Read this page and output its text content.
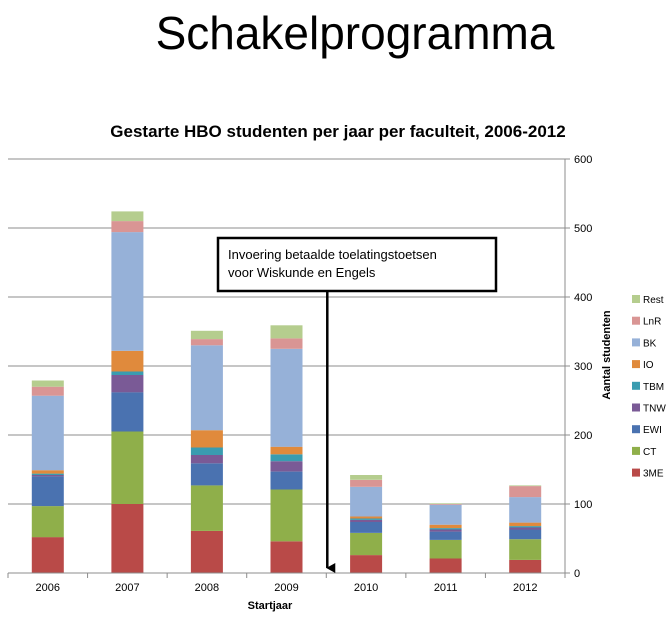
Schakelprogramma
Gestarte HBO studenten per jaar per faculteit, 2006-2012
0
100
200
300
400
500
600
2006	2007	2008	2009	2010	2011	2012
Startjaar
Aantal studenten
Rest
LnR
BK
IO
TBM
TNW
EWI
CT
3ME
Invoering betaalde toelatingstoetsen
voor Wiskunde en Engels
